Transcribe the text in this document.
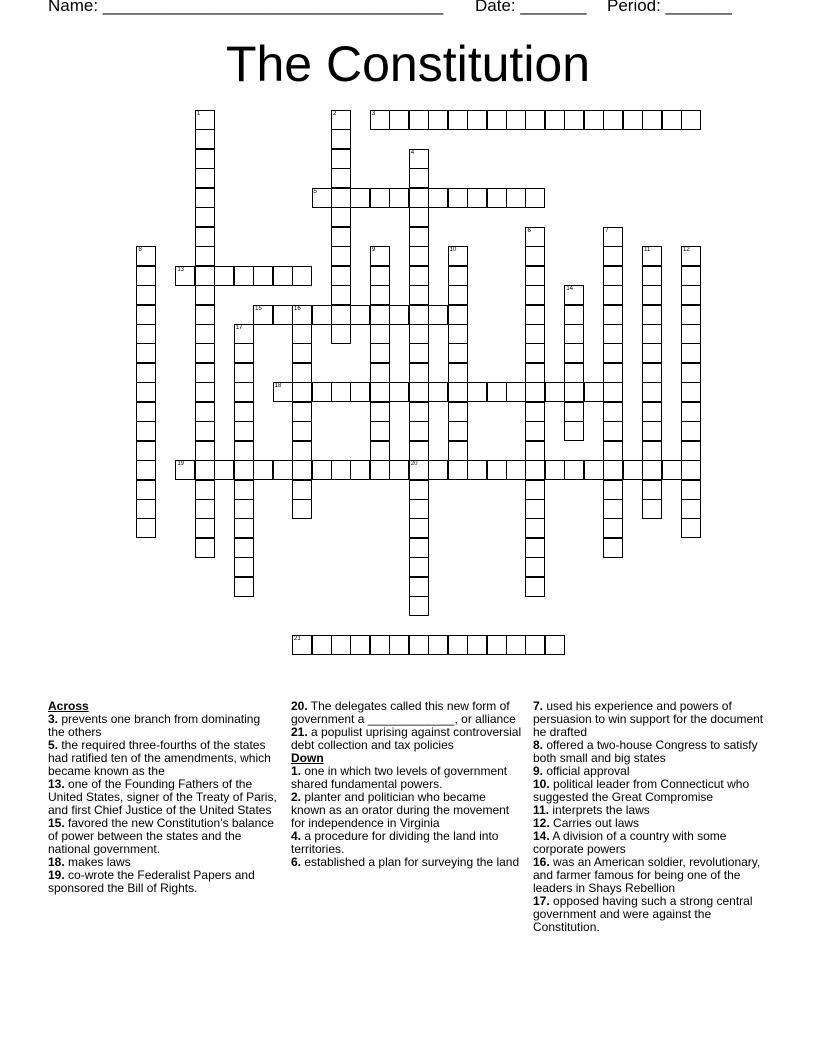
Name: ____________________________________

Date: _______

Period: _______

The Constitution
3
5
13
15	16
18
19	20
21
1	2
4
6	7
8	9	10	11	12
14
17
Across
3. prevents one branch from dominating the others
5. the required three-fourths of the states had ratified ten of the amendments, which became known as the
13. one of the Founding Fathers of the United States, signer of the Treaty of Paris, and first Chief Justice of the United States
15. favored the new Constitution’s balance of power between the states and the national government.
18. makes laws
19. co-wrote the Federalist Papers and sponsored the Bill of Rights.
20. The delegates called this new form of government a _____________, or alliance
21. a populist uprising against controversial debt collection and tax policies
Down
1. one in which two levels of government shared fundamental powers.
2. planter and politician who became known as an orator during the movement for independence in Virginia
4. a procedure for dividing the land into territories.
6. established a plan for surveying the land
7. used his experience and powers of persuasion to win support for the document he drafted
8. offered a two-house Congress to satisfy both small and big states
9. official approval
10. political leader from Connecticut who suggested the Great Compromise
11. interprets the laws
12. Carries out laws
14. A division of a country with some corporate powers
16. was an American soldier, revolutionary, and farmer famous for being one of the leaders in Shays Rebellion
17. opposed having such a strong central government and were against the Constitution.
